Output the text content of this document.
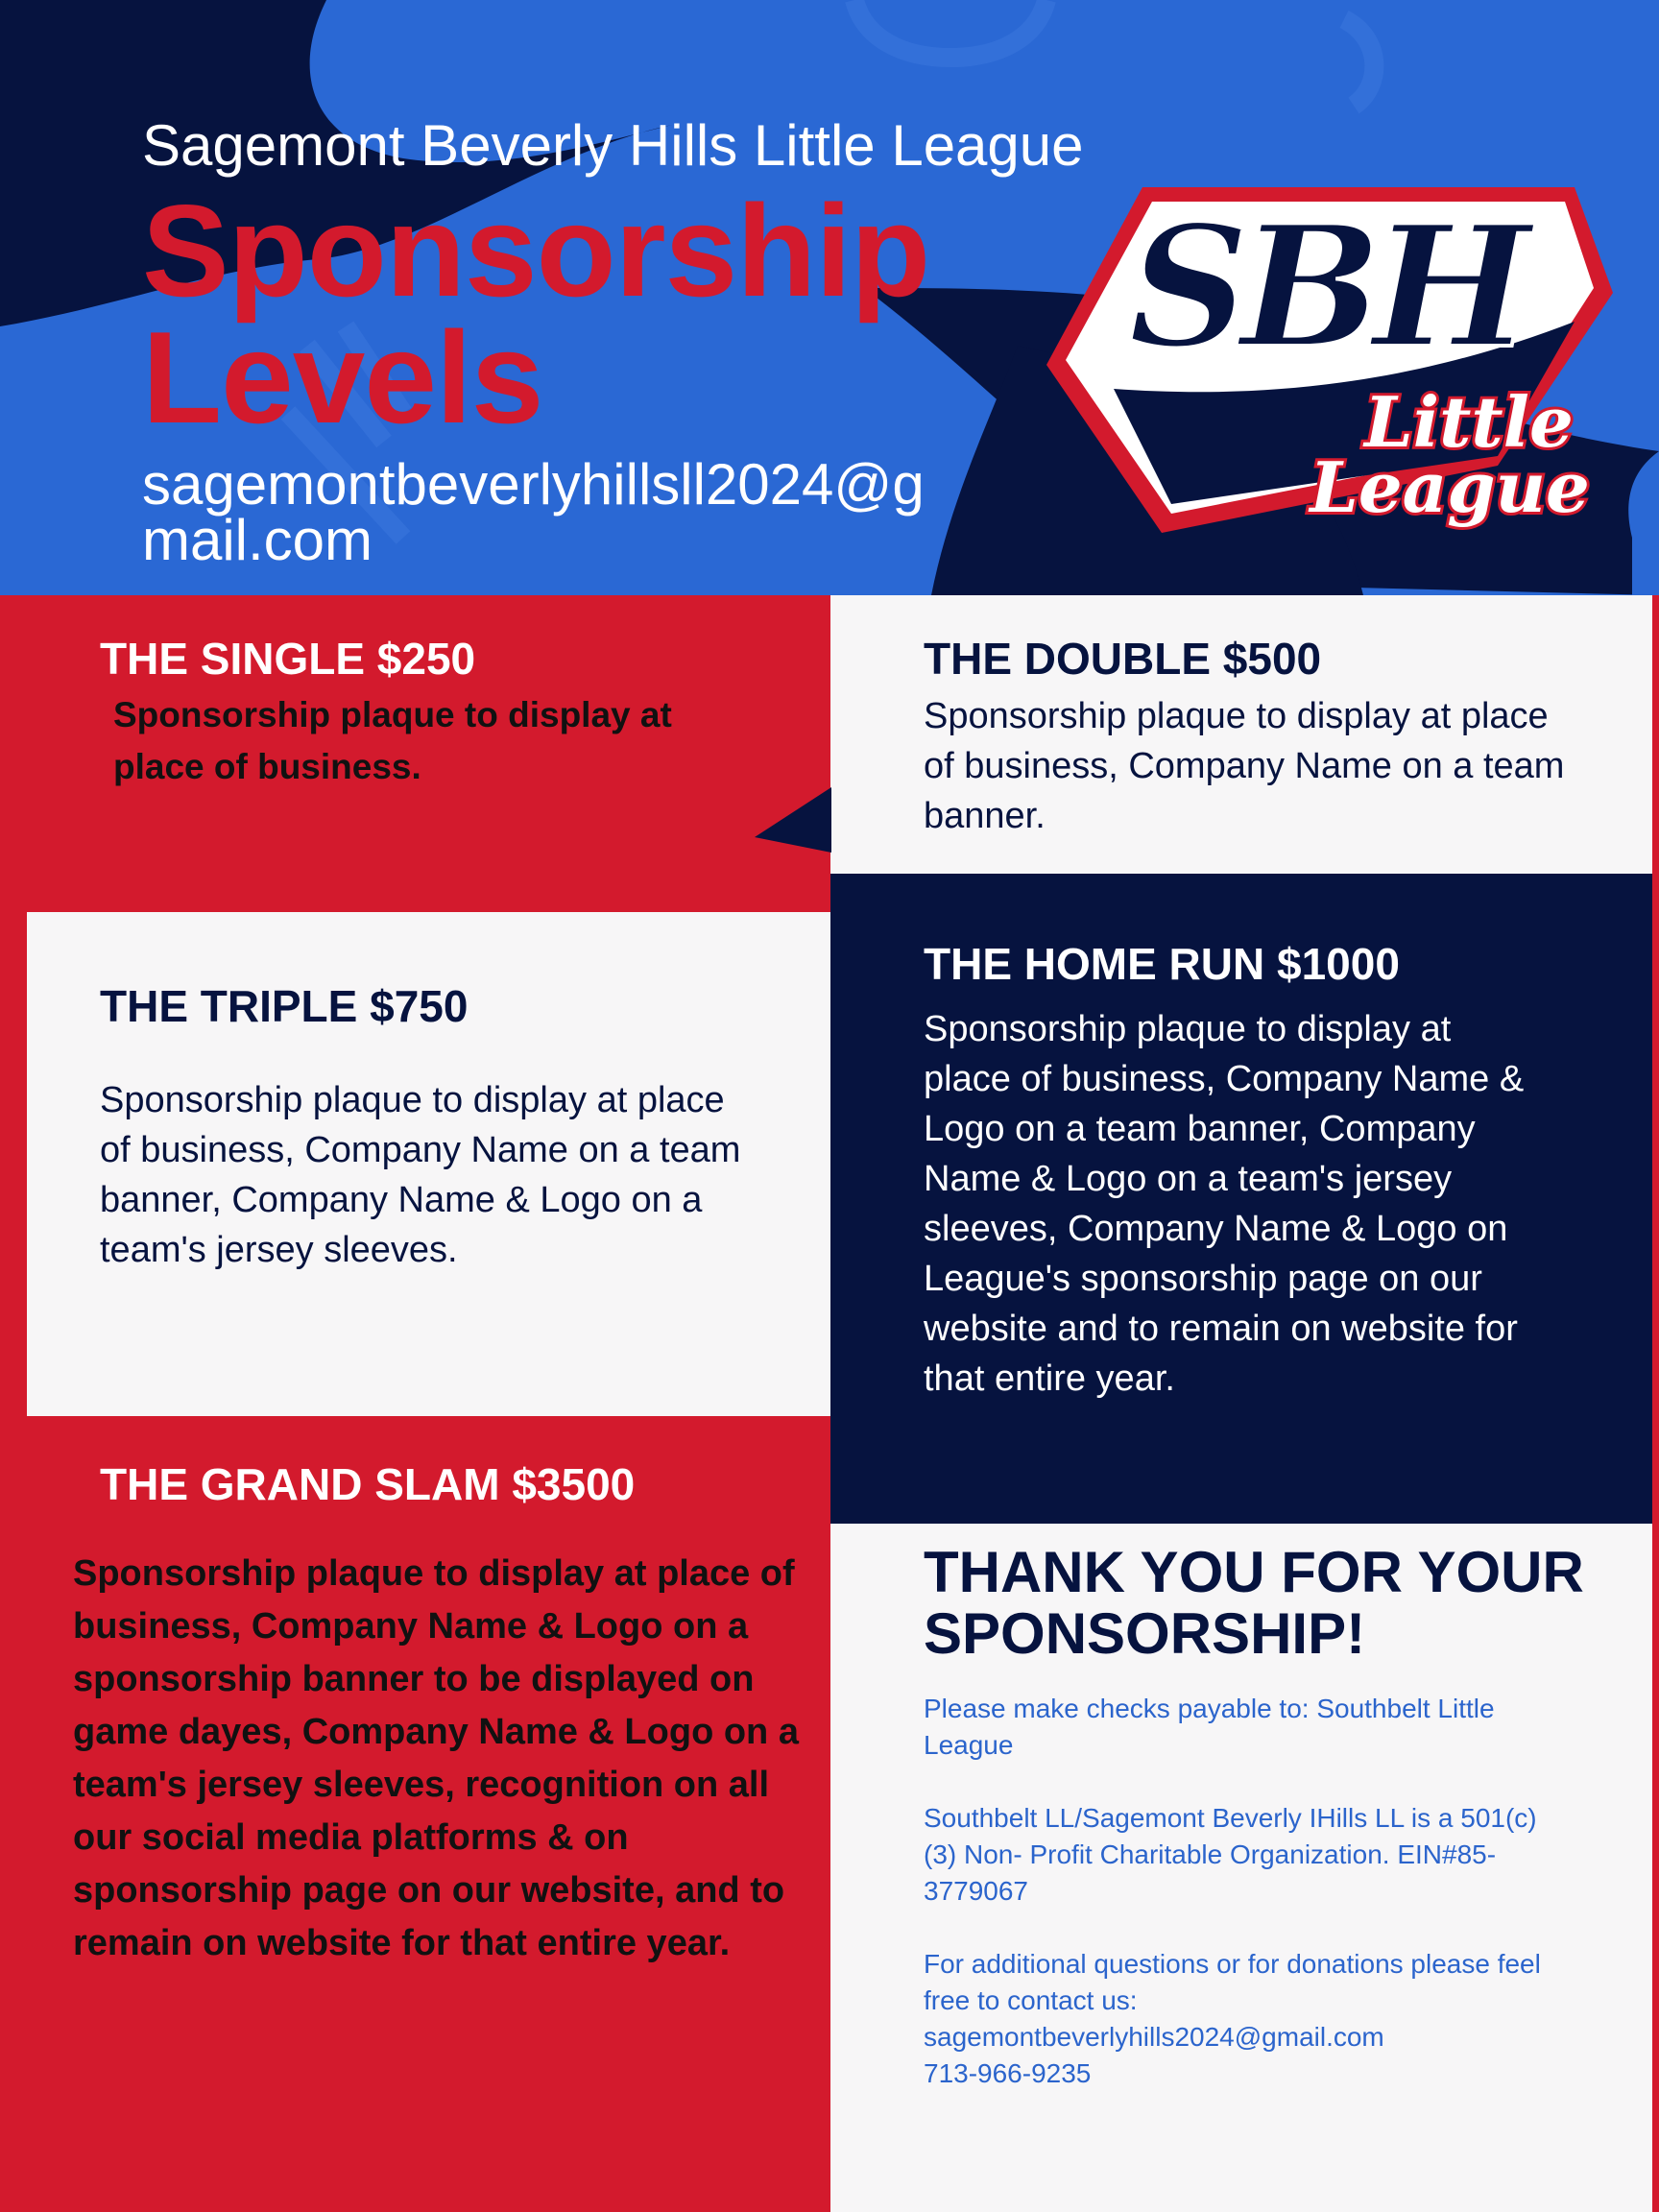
Sagemont Beverly Hills Little League

Sponsorship Levels

sagemontbeverlyhillsll2024@gmail.com

SBH
Little
League
THE SINGLE $250

Sponsorship plaque to display at place of business.

THE DOUBLE $500

Sponsorship plaque to display at place of business, Company Name on a team banner.

THE TRIPLE $750

Sponsorship plaque to display at place of business, Company Name on a team banner, Company Name & Logo on a team's jersey sleeves.

THE HOME RUN $1000

Sponsorship plaque to display at place of business, Company Name & Logo on a team banner, Company Name & Logo on a team's jersey sleeves, Company Name & Logo on League's sponsorship page on our website and to remain on website for that entire year.

THE GRAND SLAM $3500

Sponsorship plaque to display at place of business, Company Name & Logo on a sponsorship banner to be displayed on game dayes, Company Name & Logo on a team's jersey sleeves, recognition on all our social media platforms & on sponsorship page on our website, and to remain on website for that entire year.

THANK YOU FOR YOUR SPONSORSHIP!

Please make checks payable to: Southbelt Little League

Southbelt LL/Sagemont Beverly IHills LL is a 501(c)(3) Non- Profit Charitable Organization. EIN#85-3779067

For additional questions or for donations please feel free to contact us:
sagemontbeverlyhills2024@gmail.com
713-966-9235
